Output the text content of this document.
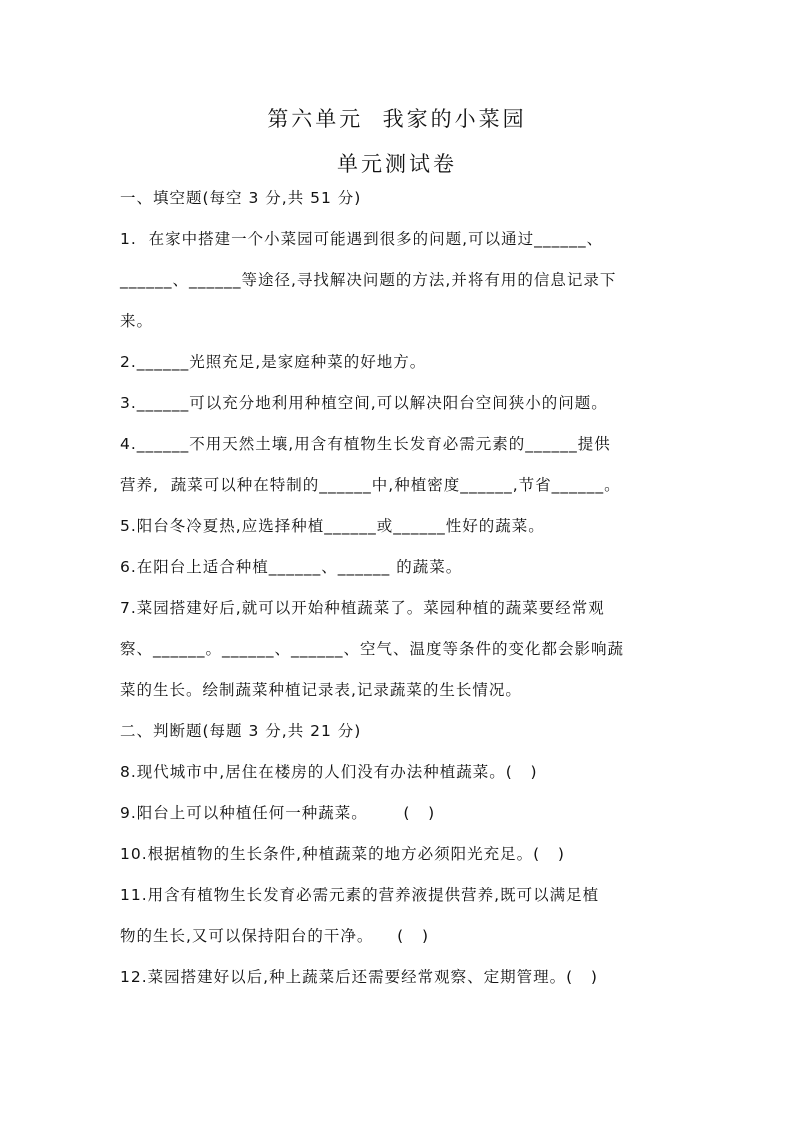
第六单元  我家的小菜园
单元测试卷

一、填空题(每空 3 分,共 51 分)

1.  在家中搭建一个小菜园可能遇到很多的问题,可以通过______、

______、______等途径,寻找解决问题的方法,并将有用的信息记录下

来。

2.______光照充足,是家庭种菜的好地方。

3.______可以充分地利用种植空间,可以解决阳台空间狭小的问题。

4.______不用天然土壤,用含有植物生长发育必需元素的______提供

营养,  蔬菜可以种在特制的______中,种植密度______,节省______。

5.阳台冬冷夏热,应选择种植______或______性好的蔬菜。

6.在阳台上适合种植______、______ 的蔬菜。

7.菜园搭建好后,就可以开始种植蔬菜了。菜园种植的蔬菜要经常观

察、______。______、______、空气、温度等条件的变化都会影响蔬

菜的生长。绘制蔬菜种植记录表,记录蔬菜的生长情况。

二、判断题(每题 3 分,共 21 分)

8.现代城市中,居住在楼房的人们没有办法种植蔬菜。(   )

9.阳台上可以种植任何一种蔬菜。      (   )

10.根据植物的生长条件,种植蔬菜的地方必须阳光充足。(   )

11.用含有植物生长发育必需元素的营养液提供营养,既可以满足植

物的生长,又可以保持阳台的干净。    (   )

12.菜园搭建好以后,种上蔬菜后还需要经常观察、定期管理。(   )
